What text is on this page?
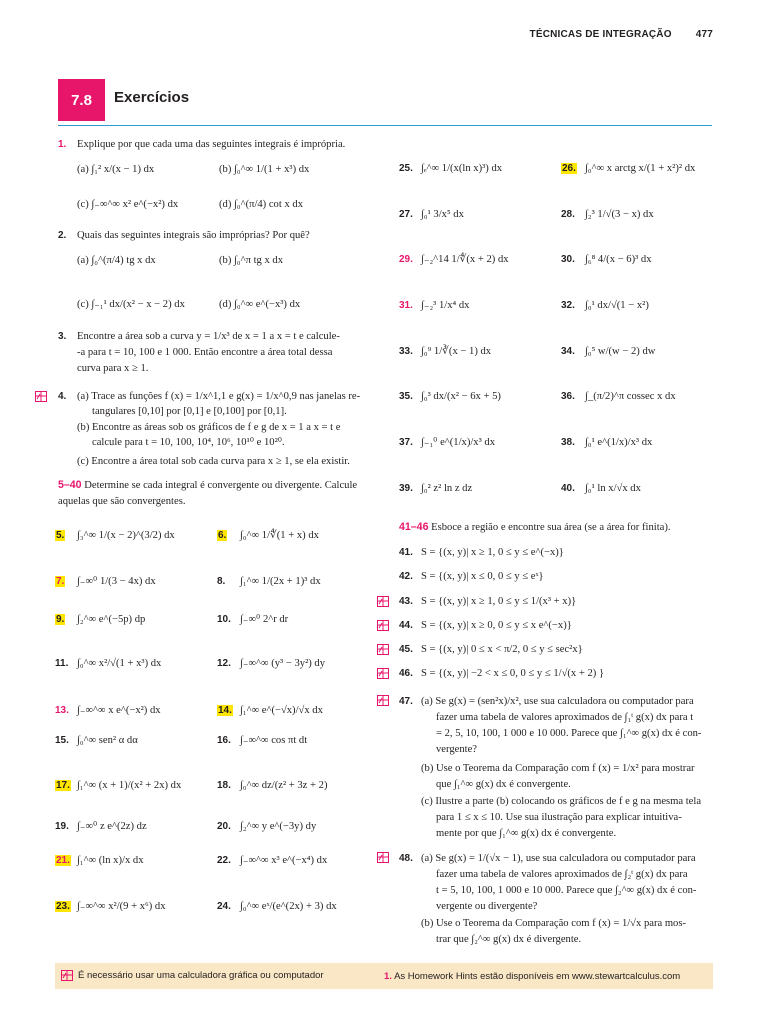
TÉCNICAS DE INTEGRAÇÃO 477
7.8	Exercícios
1. Explique por que cada uma das seguintes integrais é imprópria.
(a) ∫₁² x/(x − 1) dx	(b) ∫₀^∞ 1/(1 + x³) dx
(c) ∫₋∞^∞ x² e^(−x²) dx	(d) ∫₀^(π/4) cot x dx
2. Quais das seguintes integrais são impróprias? Por quê?
(a) ∫₀^(π/4) tg x dx	(b) ∫₀^π tg x dx
(c) ∫₋₁¹ dx/(x² − x − 2) dx	(d) ∫₀^∞ e^(−x³) dx
3. Encontre a área sob a curva y = 1/x³ de x = 1 a x = t e calcule-
-a para t = 10, 100 e 1 000. Então encontre a área total dessa
curva para x ≥ 1.
4. (a) Trace as funções f (x) = 1/x^1,1 e g(x) = 1/x^0,9 nas janelas re-
tangulares [0,10] por [0,1] e [0,100] por [0,1].
(b) Encontre as áreas sob os gráficos de f e g de x = 1 a x = t e
calcule para t = 10, 100, 10⁴, 10⁶, 10¹⁰ e 10²⁰.
(c) Encontre a área total sob cada curva para x ≥ 1, se ela existir.
5–40 Determine se cada integral é convergente ou divergente. Calcule
aquelas que são convergentes.
5. ∫₃^∞ 1/(x − 2)^(3/2) dx	6. ∫₀^∞ 1/∜(1 + x) dx
7. ∫₋∞⁰ 1/(3 − 4x) dx	8. ∫₁^∞ 1/(2x + 1)³ dx
9. ∫₂^∞ e^(−5p) dp	10. ∫₋∞⁰ 2^r dr
11. ∫₀^∞ x²/√(1 + x³) dx	12. ∫₋∞^∞ (y³ − 3y²) dy
13. ∫₋∞^∞ x e^(−x²) dx	14. ∫₁^∞ e^(−√x)/√x dx
15. ∫₀^∞ sen² α dα	16. ∫₋∞^∞ cos πt dt
17. ∫₁^∞ (x + 1)/(x² + 2x) dx	18. ∫₀^∞ dz/(z² + 3z + 2)
19. ∫₋∞⁰ z e^(2z) dz	20. ∫₂^∞ y e^(−3y) dy
21. ∫₁^∞ (ln x)/x dx	22. ∫₋∞^∞ x³ e^(−x⁴) dx
23. ∫₋∞^∞ x²/(9 + x⁶) dx	24. ∫₀^∞ eˣ/(e^(2x) + 3) dx
25. ∫ₑ^∞ 1/(x(ln x)³) dx	26. ∫₀^∞ x arctg x/(1 + x²)² dx
27. ∫₀¹ 3/x⁵ dx	28. ∫₂³ 1/√(3 − x) dx
29. ∫₋₂^14 1/∜(x + 2) dx	30. ∫₆⁸ 4/(x − 6)³ dx
31. ∫₋₂³ 1/x⁴ dx	32. ∫₀¹ dx/√(1 − x²)
33. ∫₀⁹ 1/∛(x − 1) dx	34. ∫₀⁵ w/(w − 2) dw
35. ∫₀³ dx/(x² − 6x + 5)	36. ∫_(π/2)^π cossec x dx
37. ∫₋₁⁰ e^(1/x)/x³ dx	38. ∫₀¹ e^(1/x)/x³ dx
39. ∫₀² z² ln z dz	40. ∫₀¹ ln x/√x dx
41–46 Esboce a região e encontre sua área (se a área for finita).
41. S = {(x, y)| x ≥ 1, 0 ≤ y ≤ e^(−x)}
42. S = {(x, y)| x ≤ 0, 0 ≤ y ≤ eˣ}
43. S = {(x, y)| x ≥ 1, 0 ≤ y ≤ 1/(x³ + x)}
44. S = {(x, y)| x ≥ 0, 0 ≤ y ≤ x e^(−x)}
45. S = {(x, y)| 0 ≤ x < π/2, 0 ≤ y ≤ sec²x}
46. S = {(x, y)| −2 < x ≤ 0, 0 ≤ y ≤ 1/√(x + 2) }
47. (a) Se g(x) = (sen²x)/x², use sua calculadora ou computador para
fazer uma tabela de valores aproximados de ∫₁ᵗ g(x) dx para t
= 2, 5, 10, 100, 1 000 e 10 000. Parece que ∫₁^∞ g(x) dx é con-
vergente?
(b) Use o Teorema da Comparação com f (x) = 1/x² para mostrar
que ∫₁^∞ g(x) dx é convergente.
(c) Ilustre a parte (b) colocando os gráficos de f e g na mesma tela
para 1 ≤ x ≤ 10. Use sua ilustração para explicar intuitiva-
mente por que ∫₁^∞ g(x) dx é convergente.
48. (a) Se g(x) = 1/(√x − 1), use sua calculadora ou computador para
fazer uma tabela de valores aproximados de ∫₂ᵗ g(x) dx para
t = 5, 10, 100, 1 000 e 10 000. Parece que ∫₂^∞ g(x) dx é con-
vergente ou divergente?
(b) Use o Teorema da Comparação com f (x) = 1/√x para mos-
trar que ∫₂^∞ g(x) dx é divergente.
É necessário usar uma calculadora gráfica ou computador	1. As Homework Hints estão disponíveis em www.stewartcalculus.com
